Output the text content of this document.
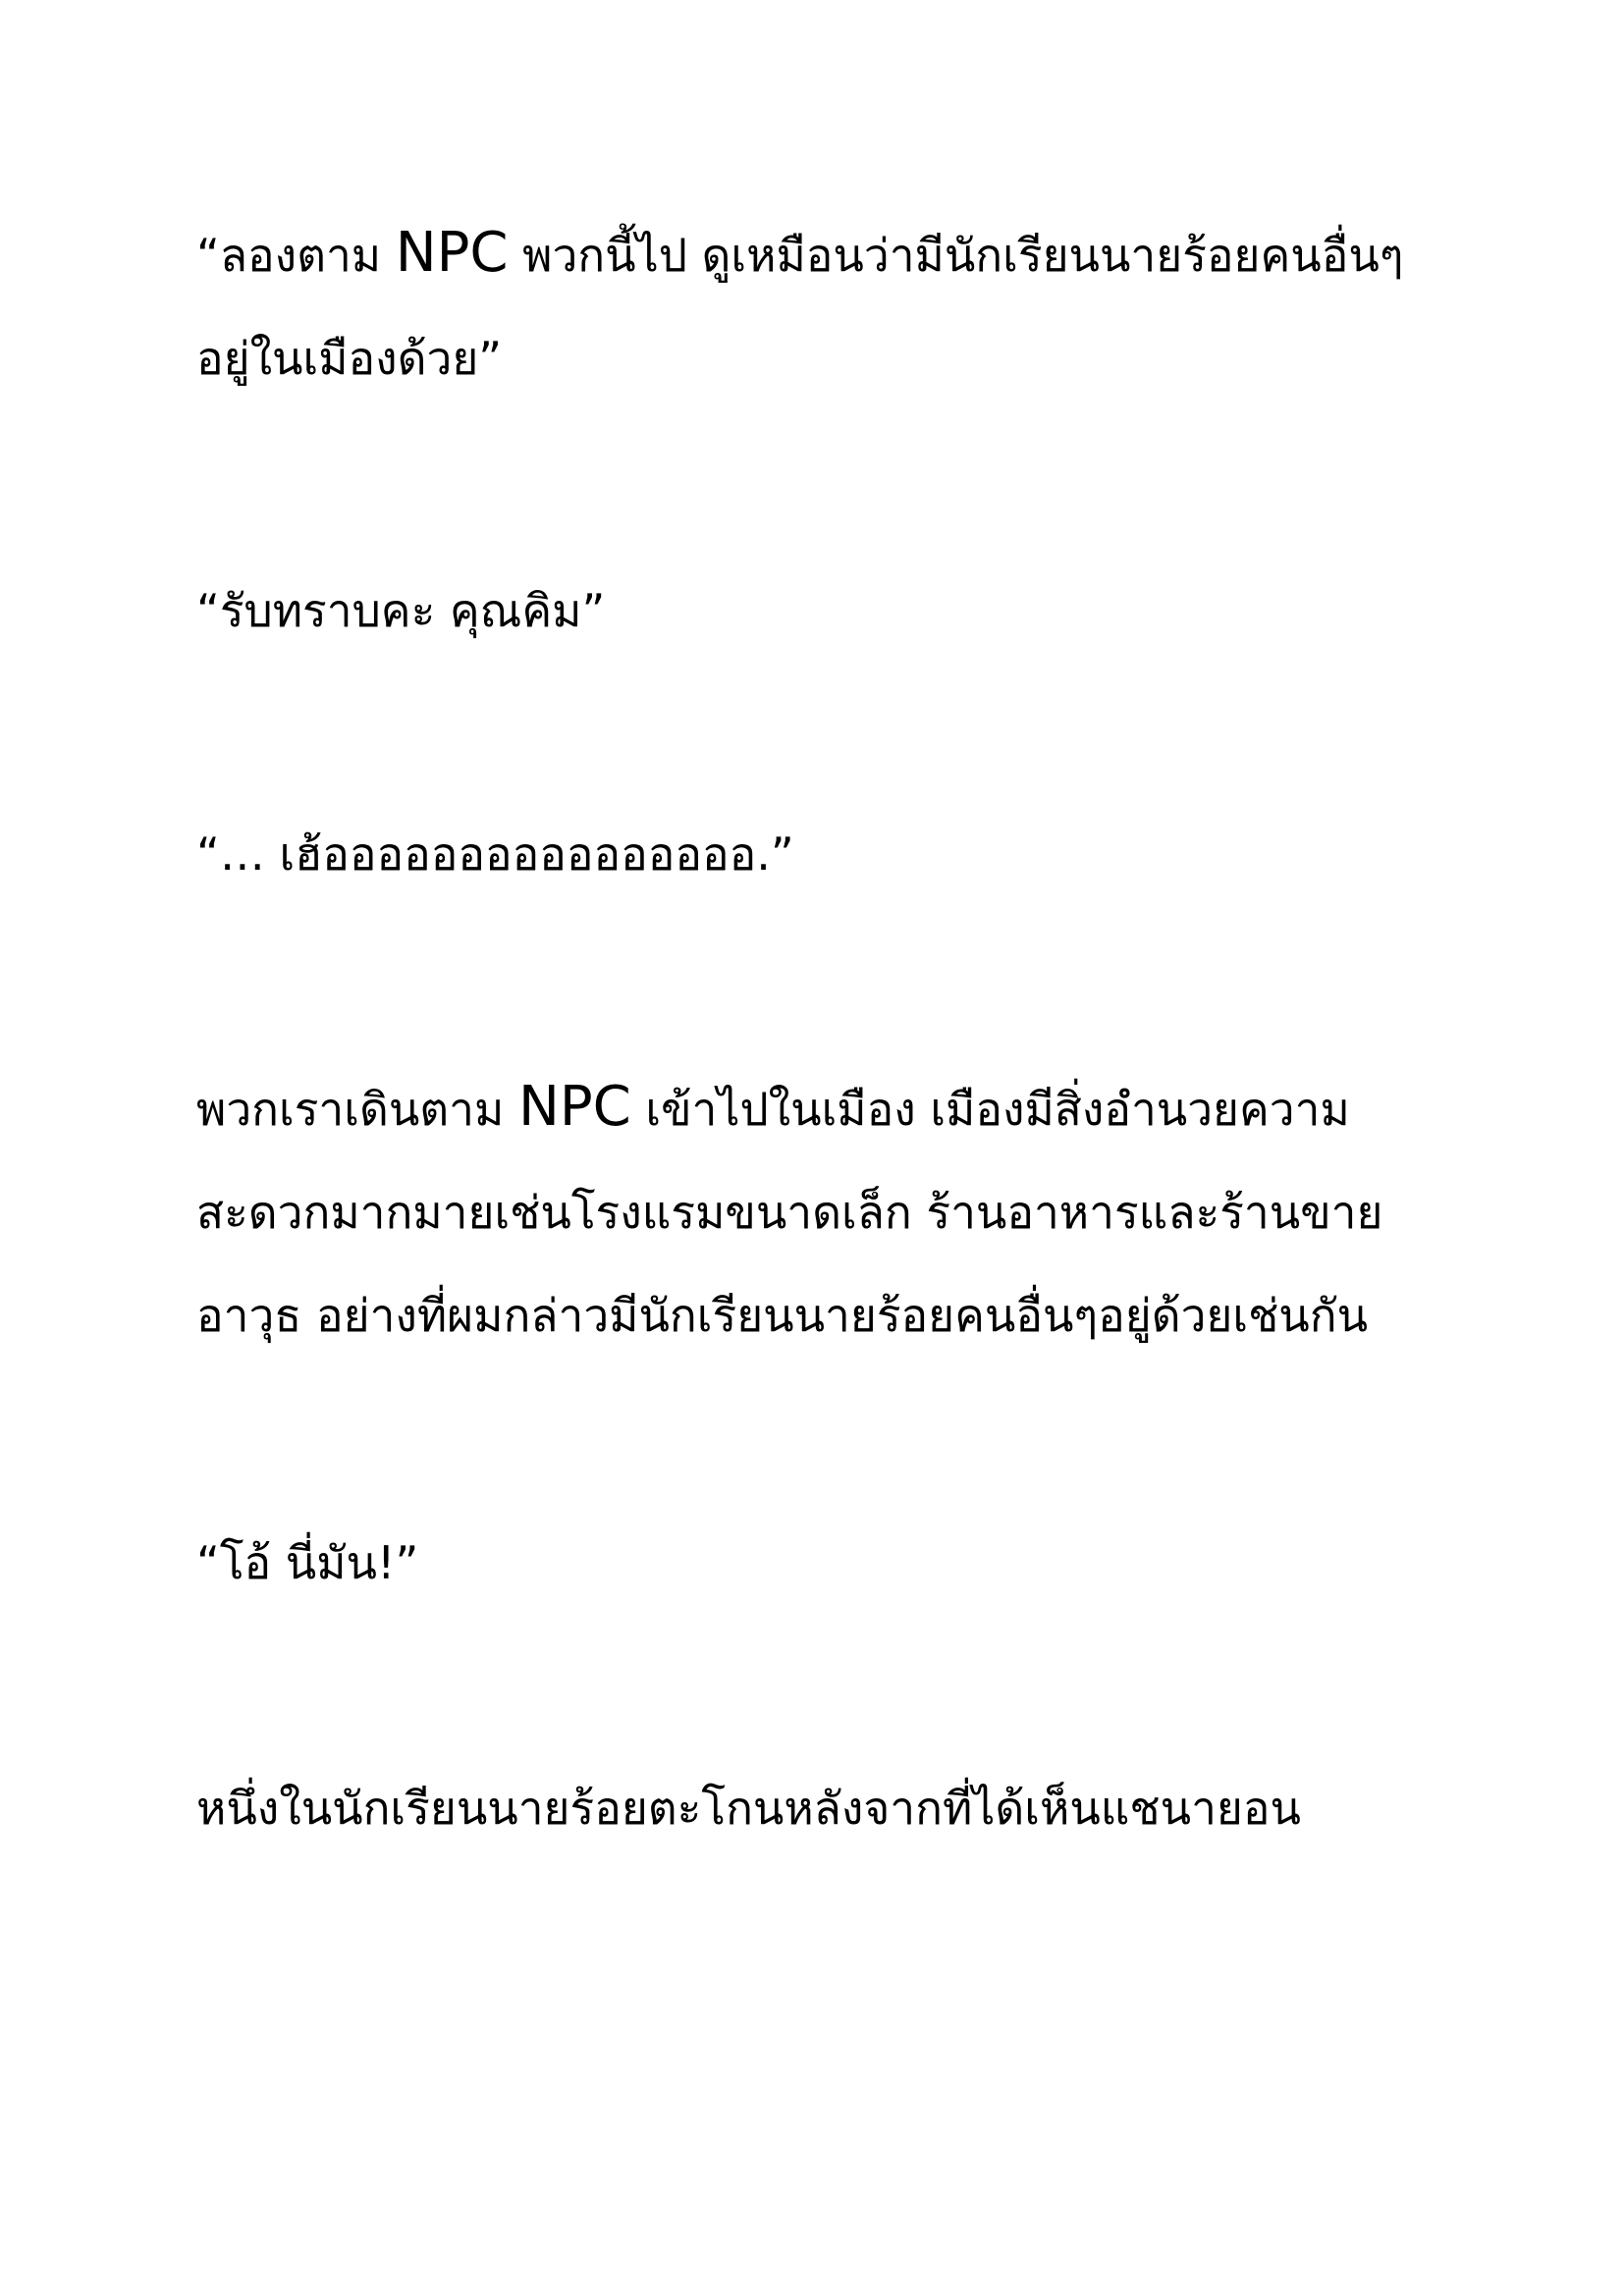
“ลองตาม NPC พวกนี้ไป ดูเหมือนว่ามีนักเรียนนายร้อยคนอื่นๆ
อยู่ในเมืองด้วย”

“รับทราบคะ คุณคิม”

“… เฮ้ออออออออออออออออ.”

พวกเราเดินตาม NPC เข้าไปในเมือง เมืองมีสิ่งอำนวยความ
สะดวกมากมายเช่นโรงแรมขนาดเล็ก ร้านอาหารและร้านขาย
อาวุธ อย่างที่ผมกล่าวมีนักเรียนนายร้อยคนอื่นๆอยู่ด้วยเช่นกัน

“โอ้ นี่มัน!”

หนึ่งในนักเรียนนายร้อยตะโกนหลังจากที่ได้เห็นแชนายอน
